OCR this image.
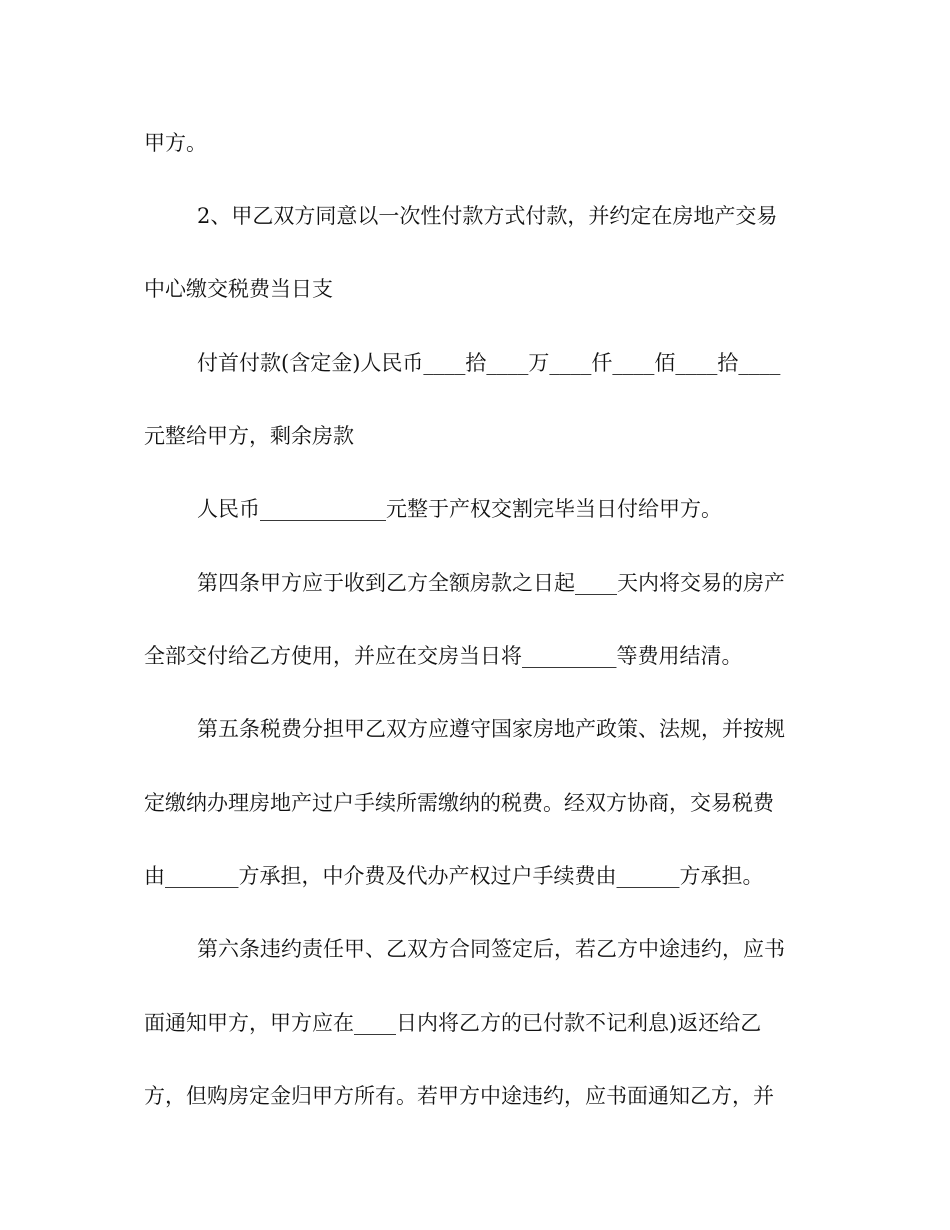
甲方。
2、甲乙双方同意以一次性付款方式付款，并约定在房地产交易
中心缴交税费当日支
付首付款(含定金)人民币____拾____万____仟____佰____拾____
元整给甲方，剩余房款
人民币____________元整于产权交割完毕当日付给甲方。
第四条甲方应于收到乙方全额房款之日起____天内将交易的房产
全部交付给乙方使用，并应在交房当日将_________等费用结清。
第五条税费分担甲乙双方应遵守国家房地产政策、法规，并按规
定缴纳办理房地产过户手续所需缴纳的税费。经双方协商，交易税费
由_______方承担，中介费及代办产权过户手续费由______方承担。
第六条违约责任甲、乙双方合同签定后，若乙方中途违约，应书
面通知甲方，甲方应在____日内将乙方的已付款不记利息)返还给乙
方，但购房定金归甲方所有。若甲方中途违约，应书面通知乙方，并
